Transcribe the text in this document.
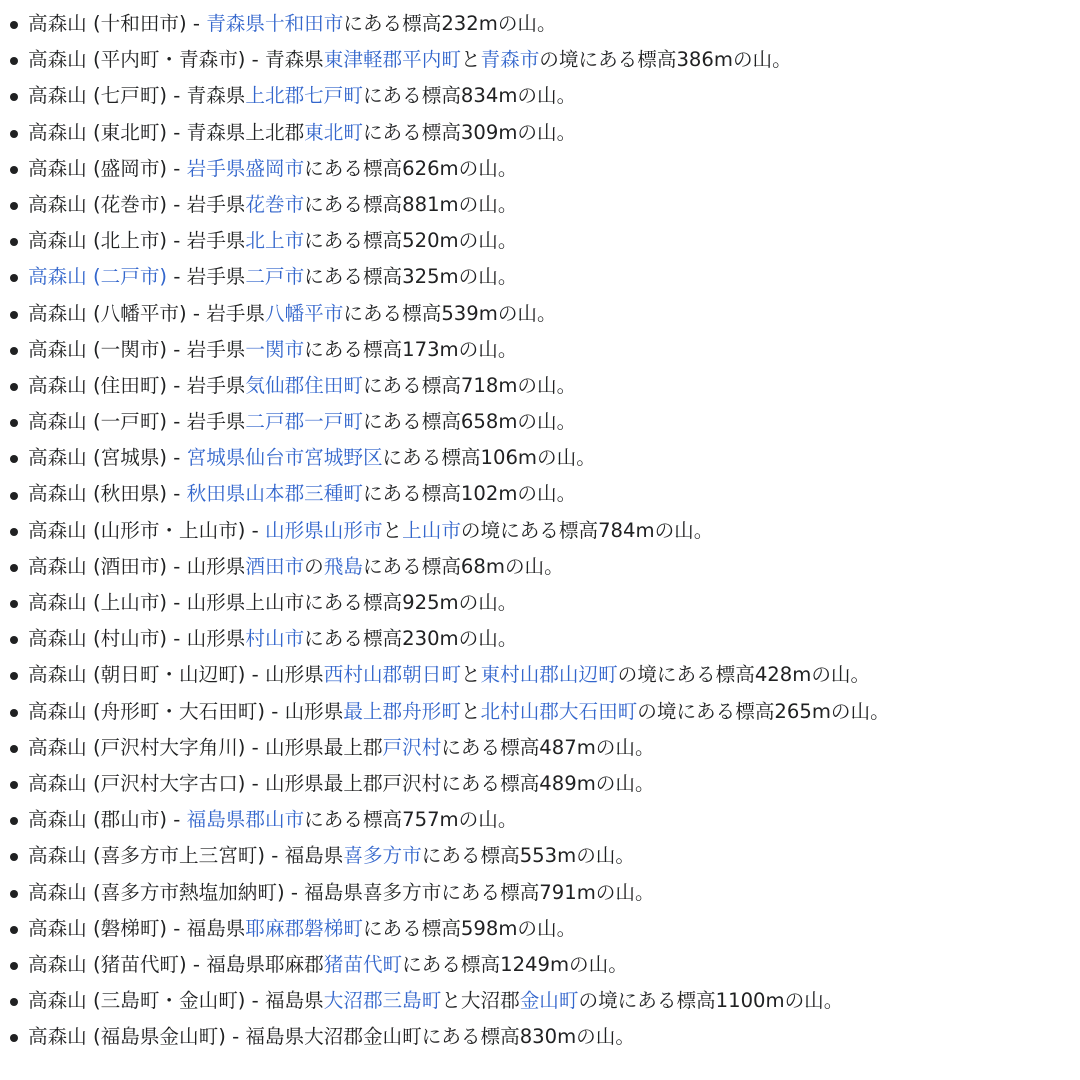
高森山 (十和田市) - 青森県十和田市にある標高232mの山。
高森山 (平内町・青森市) - 青森県東津軽郡平内町と青森市の境にある標高386mの山。
高森山 (七戸町) - 青森県上北郡七戸町にある標高834mの山。
高森山 (東北町) - 青森県上北郡東北町にある標高309mの山。
高森山 (盛岡市) - 岩手県盛岡市にある標高626mの山。
高森山 (花巻市) - 岩手県花巻市にある標高881mの山。
高森山 (北上市) - 岩手県北上市にある標高520mの山。
高森山 (二戸市) - 岩手県二戸市にある標高325mの山。
高森山 (八幡平市) - 岩手県八幡平市にある標高539mの山。
高森山 (一関市) - 岩手県一関市にある標高173mの山。
高森山 (住田町) - 岩手県気仙郡住田町にある標高718mの山。
高森山 (一戸町) - 岩手県二戸郡一戸町にある標高658mの山。
高森山 (宮城県) - 宮城県仙台市宮城野区にある標高106mの山。
高森山 (秋田県) - 秋田県山本郡三種町にある標高102mの山。
高森山 (山形市・上山市) - 山形県山形市と上山市の境にある標高784mの山。
高森山 (酒田市) - 山形県酒田市の飛島にある標高68mの山。
高森山 (上山市) - 山形県上山市にある標高925mの山。
高森山 (村山市) - 山形県村山市にある標高230mの山。
高森山 (朝日町・山辺町) - 山形県西村山郡朝日町と東村山郡山辺町の境にある標高428mの山。
高森山 (舟形町・大石田町) - 山形県最上郡舟形町と北村山郡大石田町の境にある標高265mの山。
高森山 (戸沢村大字角川) - 山形県最上郡戸沢村にある標高487mの山。
高森山 (戸沢村大字古口) - 山形県最上郡戸沢村にある標高489mの山。
高森山 (郡山市) - 福島県郡山市にある標高757mの山。
高森山 (喜多方市上三宮町) - 福島県喜多方市にある標高553mの山。
高森山 (喜多方市熱塩加納町) - 福島県喜多方市にある標高791mの山。
高森山 (磐梯町) - 福島県耶麻郡磐梯町にある標高598mの山。
高森山 (猪苗代町) - 福島県耶麻郡猪苗代町にある標高1249mの山。
高森山 (三島町・金山町) - 福島県大沼郡三島町と大沼郡金山町の境にある標高1100mの山。
高森山 (福島県金山町) - 福島県大沼郡金山町にある標高830mの山。
